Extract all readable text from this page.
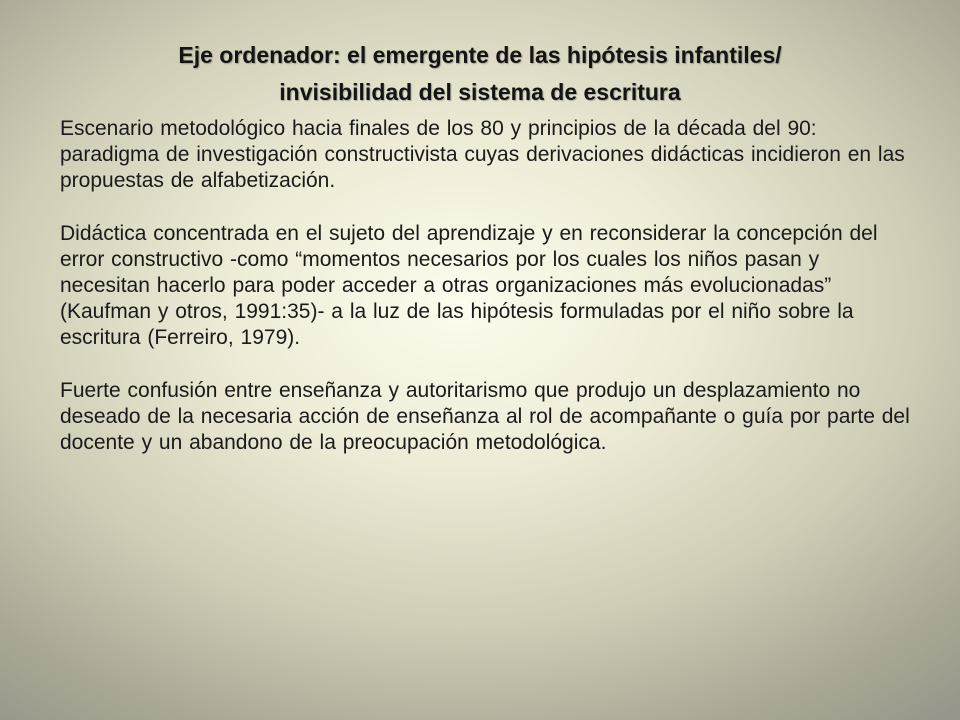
Eje ordenador: el emergente de las hipótesis infantiles/
invisibilidad del sistema de escritura

Escenario metodológico hacia finales de los 80 y principios de la década del 90: paradigma de investigación constructivista cuyas derivaciones didácticas incidieron en las propuestas de alfabetización.

Didáctica concentrada en el sujeto del aprendizaje y en reconsiderar la concepción del error constructivo -como “momentos necesarios por los cuales los niños pasan y necesitan hacerlo para poder acceder a otras organizaciones más evolucionadas” (Kaufman y otros, 1991:35)- a la luz de las hipótesis formuladas por el niño sobre la escritura (Ferreiro, 1979).

Fuerte confusión entre enseñanza y autoritarismo que produjo un desplazamiento no deseado de la necesaria acción de enseñanza al rol de acompañante o guía por parte del docente y un abandono de la preocupación metodológica.
